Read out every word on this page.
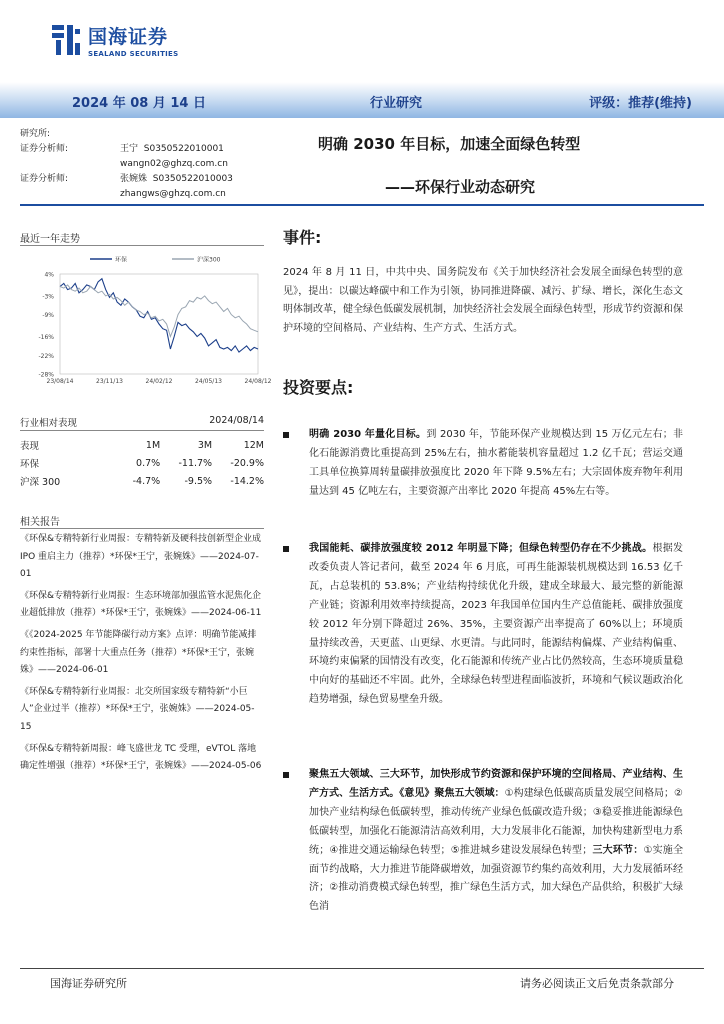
国海证券
SEALAND SECURITIES
2024 年 08 月 14 日	行业研究	评级：推荐(维持)
研究所:
证券分析师:	王宁 S0350522010001
wangn02@ghzq.com.cn
证券分析师:	张婉姝 S0350522010003
zhangws@ghzq.com.cn
明确 2030 年目标，加速全面绿色转型
——环保行业动态研究
最近一年走势
4%
-3%
-9%
-16%
-22%
-28%
23/08/14	23/11/13	24/02/12	24/05/13	24/08/12
环保	沪深300
行业相对表现	2024/08/14
表现	1M	3M	12M
环保	0.7%	-11.7%	-20.9%
沪深 300	-4.7%	-9.5%	-14.2%
相关报告
《环保&专精特新行业周报：专精特新及硬科技创新型企业成 IPO 重启主力（推荐）*环保*王宁，张婉姝》——2024-07-01
《环保&专精特新行业周报：生态环境部加强监管水泥焦化企业超低排放（推荐）*环保*王宁，张婉姝》——2024-06-11
《《2024-2025 年节能降碳行动方案》点评：明确节能减排约束性指标，部署十大重点任务（推荐）*环保*王宁，张婉姝》——2024-06-01
《环保&专精特新行业周报：北交所国家级专精特新“小巨人”企业过半（推荐）*环保*王宁，张婉姝》——2024-05-15
《环保&专精特新周报：峰飞盛世龙 TC 受理，eVTOL 落地确定性增强（推荐）*环保*王宁，张婉姝》——2024-05-06
事件:
2024 年 8 月 11 日，中共中央、国务院发布《关于加快经济社会发展全面绿色转型的意见》，提出：以碳达峰碳中和工作为引领，协同推进降碳、减污、扩绿、增长，深化生态文明体制改革，健全绿色低碳发展机制，加快经济社会发展全面绿色转型，形成节约资源和保护环境的空间格局、产业结构、生产方式、生活方式。
投资要点:
明确 2030 年量化目标。到 2030 年，节能环保产业规模达到 15 万亿元左右；非化石能源消费比重提高到 25%左右，抽水蓄能装机容量超过 1.2 亿千瓦；营运交通工具单位换算周转量碳排放强度比 2020 年下降 9.5%左右；大宗固体废弃物年利用量达到 45 亿吨左右，主要资源产出率比 2020 年提高 45%左右等。
我国能耗、碳排放强度较 2012 年明显下降；但绿色转型仍存在不少挑战。根据发改委负责人答记者问，截至 2024 年 6 月底，可再生能源装机规模达到 16.53 亿千瓦，占总装机的 53.8%；产业结构持续优化升级，建成全球最大、最完整的新能源产业链；资源利用效率持续提高，2023 年我国单位国内生产总值能耗、碳排放强度较 2012 年分别下降超过 26%、35%，主要资源产出率提高了 60%以上；环境质量持续改善，天更蓝、山更绿、水更清。与此同时，能源结构偏煤、产业结构偏重、环境约束偏紧的国情没有改变，化石能源和传统产业占比仍然较高，生态环境质量稳中向好的基础还不牢固。此外，全球绿色转型进程面临波折，环境和气候议题政治化趋势增强，绿色贸易壁垒升级。
聚焦五大领域、三大环节，加快形成节约资源和保护环境的空间格局、产业结构、生产方式、生活方式。《意见》聚焦五大领域：①构建绿色低碳高质量发展空间格局；②加快产业结构绿色低碳转型，推动传统产业绿色低碳改造升级；③稳妥推进能源绿色低碳转型，加强化石能源清洁高效利用，大力发展非化石能源，加快构建新型电力系统；④推进交通运输绿色转型；⑤推进城乡建设发展绿色转型；三大环节：①实施全面节约战略，大力推进节能降碳增效，加强资源节约集约高效利用，大力发展循环经济；②推动消费模式绿色转型，推广绿色生活方式，加大绿色产品供给，积极扩大绿色消
国海证券研究所	请务必阅读正文后免责条款部分
